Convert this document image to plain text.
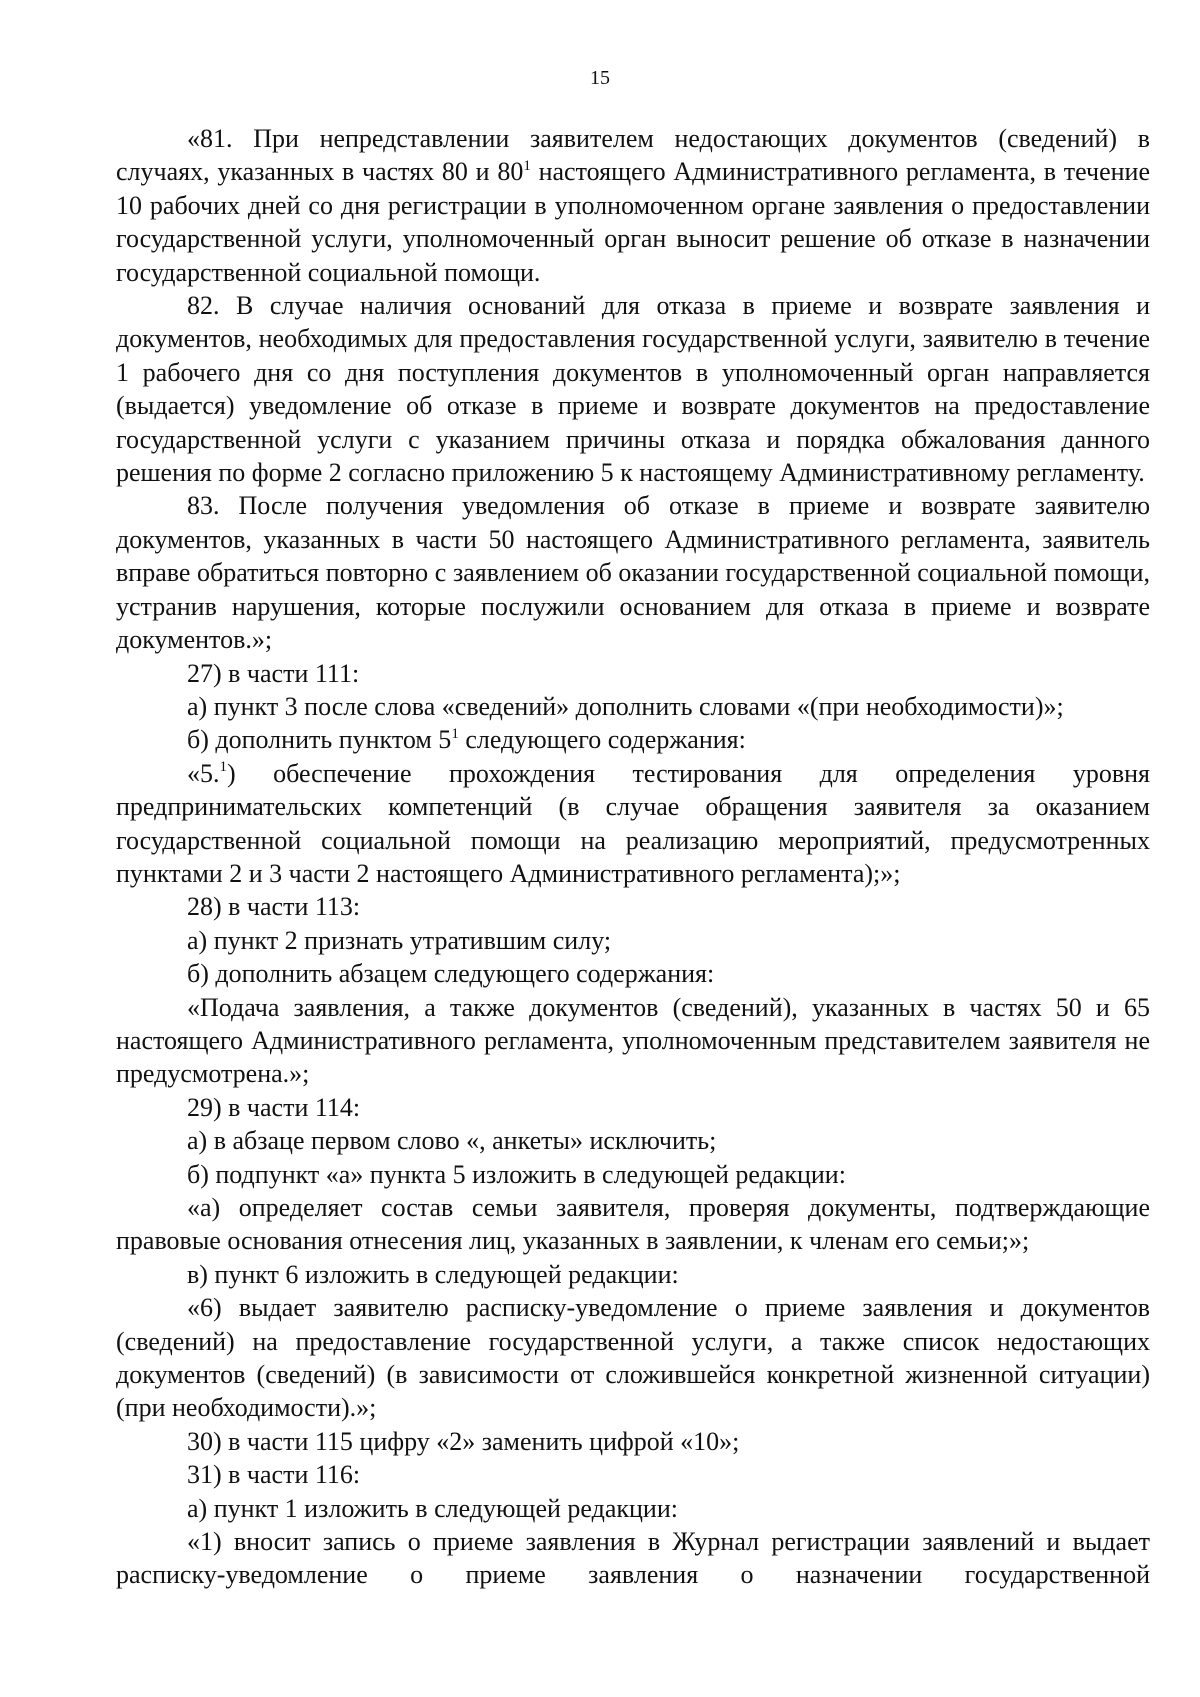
15

«81. При непредставлении заявителем недостающих документов (сведений) в случаях, указанных в частях 80 и $80^1$ настоящего Административного регламента, в течение 10 рабочих дней со дня регистрации в уполномоченном органе заявления о предоставлении государственной услуги, уполномоченный орган выносит решение об отказе в назначении государственной социальной помощи.

82. В случае наличия оснований для отказа в приеме и возврате заявления и документов, необходимых для предоставления государственной услуги, заявителю в течение 1 рабочего дня со дня поступления документов в уполномоченный орган направляется (выдается) уведомление об отказе в приеме и возврате документов на предоставление государственной услуги с указанием причины отказа и порядка обжалования данного решения по форме 2 согласно приложению 5 к настоящему Административному регламенту.

83. После получения уведомления об отказе в приеме и возврате заявителю документов, указанных в части 50 настоящего Административного регламента, заявитель вправе обратиться повторно с заявлением об оказании государственной социальной помощи, устранив нарушения, которые послужили основанием для отказа в приеме и возврате документов.»;

27) в части 111:

а) пункт 3 после слова «сведений» дополнить словами «(при необходимости)»;

б) дополнить пунктом $5^1$ следующего содержания:

«5.$^1$) обеспечение прохождения тестирования для определения уровня предпринимательских компетенций (в случае обращения заявителя за оказанием государственной социальной помощи на реализацию мероприятий, предусмотренных пунктами 2 и 3 части 2 настоящего Административного регламента);»;

28) в части 113:

а) пункт 2 признать утратившим силу;

б) дополнить абзацем следующего содержания:

«Подача заявления, а также документов (сведений), указанных в частях 50 и 65 настоящего Административного регламента, уполномоченным представителем заявителя не предусмотрена.»;

29) в части 114:

а) в абзаце первом слово «, анкеты» исключить;

б) подпункт «а» пункта 5 изложить в следующей редакции:

«а) определяет состав семьи заявителя, проверяя документы, подтверждающие правовые основания отнесения лиц, указанных в заявлении, к членам его семьи;»;

в) пункт 6 изложить в следующей редакции:

«6) выдает заявителю расписку-уведомление о приеме заявления и документов (сведений) на предоставление государственной услуги, а также список недостающих документов (сведений) (в зависимости от сложившейся конкретной жизненной ситуации) (при необходимости).»;

30) в части 115 цифру «2» заменить цифрой «10»;

31) в части 116:

а) пункт 1 изложить в следующей редакции:

«1) вносит запись о приеме заявления в Журнал регистрации заявлений и выдает расписку-уведомление о приеме заявления о назначении государственной
